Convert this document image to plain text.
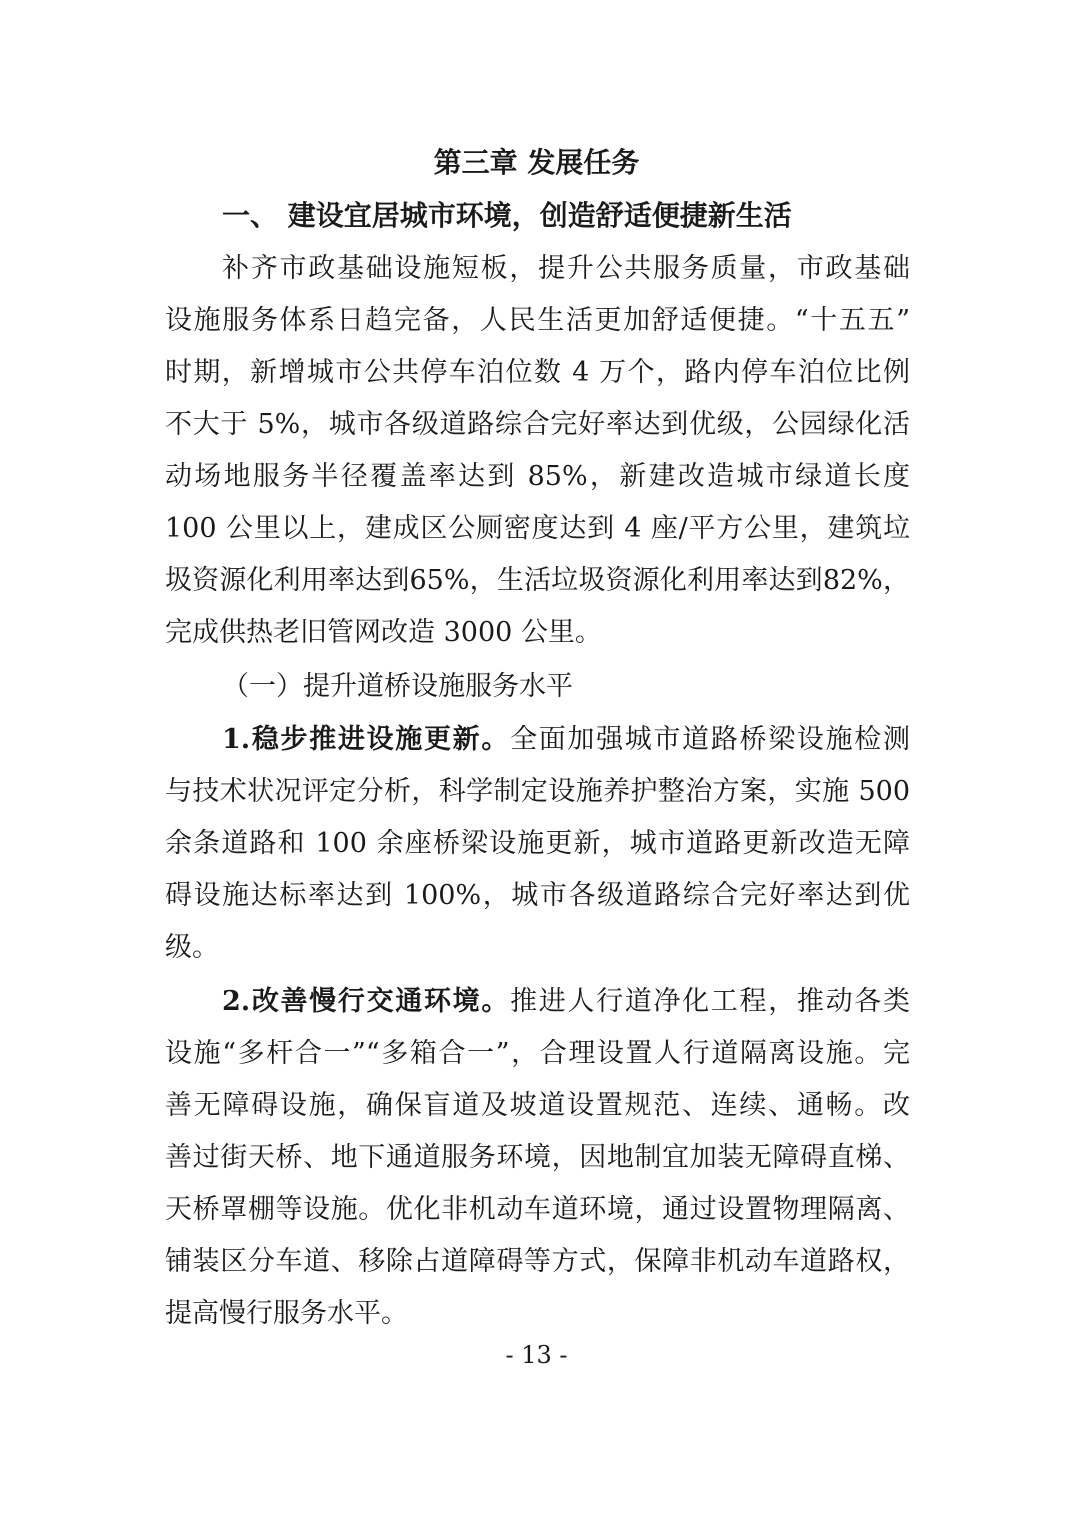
第三章 发展任务
一、 建设宜居城市环境，创造舒适便捷新生活
补齐市政基础设施短板，提升公共服务质量，市政基础
设施服务体系日趋完备，人民生活更加舒适便捷。“十五五”
时期，新增城市公共停车泊位数 4 万个，路内停车泊位比例
不大于 5%，城市各级道路综合完好率达到优级，公园绿化活
动场地服务半径覆盖率达到 85%，新建改造城市绿道长度
100 公里以上，建成区公厕密度达到 4 座/平方公里，建筑垃
圾资源化利用率达到65%，生活垃圾资源化利用率达到82%，
完成供热老旧管网改造 3000 公里。
（一）提升道桥设施服务水平
1.稳步推进设施更新。全面加强城市道路桥梁设施检测
与技术状况评定分析，科学制定设施养护整治方案，实施 500
余条道路和 100 余座桥梁设施更新，城市道路更新改造无障
碍设施达标率达到 100%，城市各级道路综合完好率达到优
级。
2.改善慢行交通环境。推进人行道净化工程，推动各类
设施“多杆合一”“多箱合一”，合理设置人行道隔离设施。完
善无障碍设施，确保盲道及坡道设置规范、连续、通畅。改
善过街天桥、地下通道服务环境，因地制宜加装无障碍直梯、
天桥罩棚等设施。优化非机动车道环境，通过设置物理隔离、
铺装区分车道、移除占道障碍等方式，保障非机动车道路权，
提高慢行服务水平。
- 13 -
